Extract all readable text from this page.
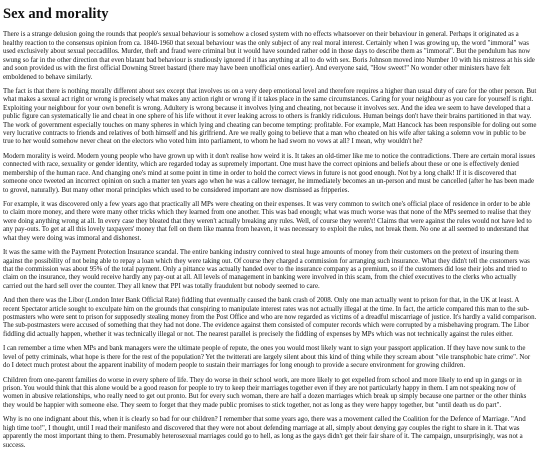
Sex and morality

There is a strange delusion going the rounds that people's sexual behaviour is somehow a closed system with no effects whatsoever on their behaviour in general. Perhaps it originated as a healthy reaction to the consensus opinion from ca. 1840-1960 that sexual behaviour was the only subject of any real moral interest. Certainly when I was growing up, the word "immoral" was used exclusively about sexual peccadillos. Murder, theft and fraud were criminal but it would have sounded rather odd in those days to describe them as "immoral". But the pendulum has now swung so far in the other direction that even blatant bad behaviour is studiously ignored if it has anything at all to do with sex. Boris Johnson moved into Number 10 with his mistress at his side and soon provided us with the first official Downing Street bastard (there may have been unofficial ones earlier). And everyone said, "How sweet!" No wonder other ministers have felt emboldened to behave similarly.

The fact is that there is nothing morally different about sex except that involves us on a very deep emotional level and therefore requires a higher than usual duty of care for the other person. But what makes a sexual act right or wrong is precisely what makes any action right or wrong if it takes place in the same circumstances. Caring for your neighbour as you care for yourself is right. Exploiting your neighbour for your own benefit is wrong. Adultery is wrong because it involves lying and cheating, not because it involves sex. And the idea we seem to have developed that a public figure can systematically lie and cheat in one sphere of his life without it ever leaking across to others is frankly ridiculous. Human beings don't have their brains partitioned in that way. The work of government especially touches on many spheres in which lying and cheating can become tempting: profitable. For example, Matt Hancock has been responsible for doling out some very lucrative contracts to friends and relatives of both himself and his girlfriend. Are we really going to believe that a man who cheated on his wife after taking a solemn vow in public to be true to her would somehow never cheat on the electors who voted him into parliament, to whom he had sworn no vows at all? I mean, why wouldn't he?

Modern morality is weird. Modern young people who have grown up with it don't realise how weird it is. It takes an old-timer like me to notice the contradictions. There are certain moral issues connected with race, sexuality or gender identity, which are regarded today as supremely important. One must have the correct opinions and beliefs about these or one is effectively denied membership of the human race. And changing one's mind at some point in time in order to hold the correct views in future is not good enough. Not by a long chalk! If it is discovered that someone once tweeted an incorrect opinion on such a matter ten years ago when he was a callow teenager, he immediately becomes an un-person and must be cancelled (after he has been made to grovel, naturally). But many other moral principles which used to be considered important are now dismissed as fripperies.

For example, it was discovered only a few years ago that practically all MPs were cheating on their expenses. It was very common to switch one's official place of residence in order to be able to claim more money, and there were many other tricks which they learned from one another. This was bad enough; what was much worse was that none of the MPs seemed to realise that they were doing anything wrong at all. In every case they bleated that they weren't actually breaking any rules. Well, of course they weren't! Claims that were against the rules would not have led to any pay-outs. To get at all this lovely taxpayers' money that fell on them like manna from heaven, it was necessary to exploit the rules, not break them. No one at all seemed to understand that what they were doing was immoral and dishonest.

It was the same with the Payment Protection Insurance scandal. The entire banking industry connived to steal huge amounts of money from their customers on the pretext of insuring them against the possibility of not being able to repay a loan which they were taking out. Of course they charged a commission for arranging such insurance. What they didn't tell the customers was that the commission was about 95% of the total payment. Only a pittance was actually handed over to the insurance company as a premium, so if the customers did lose their jobs and tried to claim on the insurance, they would receive hardly any pay-out at all. All levels of management in banking were involved in this scam, from the chief executives to the clerks who actually carried out the hard sell over the counter. They all knew that PPI was totally fraudulent but nobody seemed to care.

And then there was the Libor (London Inter Bank Official Rate) fiddling that eventually caused the bank crash of 2008. Only one man actually went to prison for that, in the UK at least. A recent Spectator article sought to exculpate him on the grounds that conspiring to manipulate interest rates was not actually illegal at the time. In fact, the article compared this man to the sub-postmasters who were sent to prison for supposedly stealing money from the Post Office and who are now regarded as victims of a dreadful miscarriage of justice. It's hardly a valid comparison. The sub-postmasters were accused of something that they had not done. The evidence against them consisted of computer records which were corrupted by a misbehaving program. The Libor fiddling did actually happen, whether it was technically illegal or not. The nearest parallel is precisely the fiddling of expenses by MPs which was not technically against the rules either.

I can remember a time when MPs and bank managers were the ultimate people of repute, the ones you would most likely want to sign your passport application. If they have now sunk to the level of petty criminals, what hope is there for the rest of the population? Yet the twitterati are largely silent about this kind of thing while they scream about "vile transphobic hate crime". Nor do I detect much protest about the apparent inability of modern people to sustain their marriages for long enough to provide a secure environment for growing children.

Children from one-parent families do worse in every sphere of life. They do worse in their school work, are more likely to get expelled from school and more likely to end up in gangs or in prison. You would think that this alone would be a good reason for people to try to keep their marriages together even if they are not particularly happy in them. I am not speaking now of women in abusive relationships, who really need to get out pronto. But for every such woman, there are half a dozen marriages which break up simply because one partner or the other thinks they would be happier with someone else. They seem to forget that they made public promises to stick together, not as long as they were happy together, but "until death us do part".

Why is no one indignant about this, when it is clearly so bad for our children? I remember that some years ago, there was a movement called the Coalition for the Defence of Marriage. "And high time too!", I thought, until I read their manifesto and discovered that they were not about defending marriage at all, simply about denying gay couples the right to share in it. That was apparently the most important thing to them. Presumably heterosexual marriages could go to hell, as long as the gays didn't get their fair share of it. The campaign, unsurprisingly, was not a success.
